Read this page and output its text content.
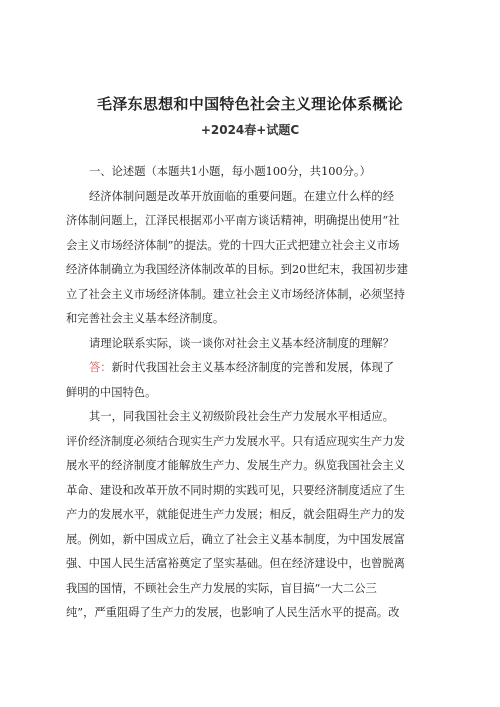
毛泽东思想和中国特色社会主义理论体系概论
+2024春+试题C
一、论述题（本题共1小题，每小题100分，共100分。）
经济体制问题是改革开放面临的重要问题。在建立什么样的经
济体制问题上，江泽民根据邓小平南方谈话精神，明确提出使用“社
会主义市场经济体制”的提法。党的十四大正式把建立社会主义市场
经济体制确立为我国经济体制改革的目标。到20世纪末，我国初步建
立了社会主义市场经济体制。建立社会主义市场经济体制，必须坚持
和完善社会主义基本经济制度。
请理论联系实际，谈一谈你对社会主义基本经济制度的理解？
答：新时代我国社会主义基本经济制度的完善和发展，体现了
鲜明的中国特色。
其一，同我国社会主义初级阶段社会生产力发展水平相适应。
评价经济制度必须结合现实生产力发展水平。只有适应现实生产力发
展水平的经济制度才能解放生产力、发展生产力。纵览我国社会主义
革命、建设和改革开放不同时期的实践可见，只要经济制度适应了生
产力的发展水平，就能促进生产力发展；相反，就会阻碍生产力的发
展。例如，新中国成立后，确立了社会主义基本制度，为中国发展富
强、中国人民生活富裕奠定了坚实基础。但在经济建设中，也曾脱离
我国的国情，不顾社会生产力发展的实际，盲目搞“一大二公三
纯”，严重阻碍了生产力的发展，也影响了人民生活水平的提高。改
